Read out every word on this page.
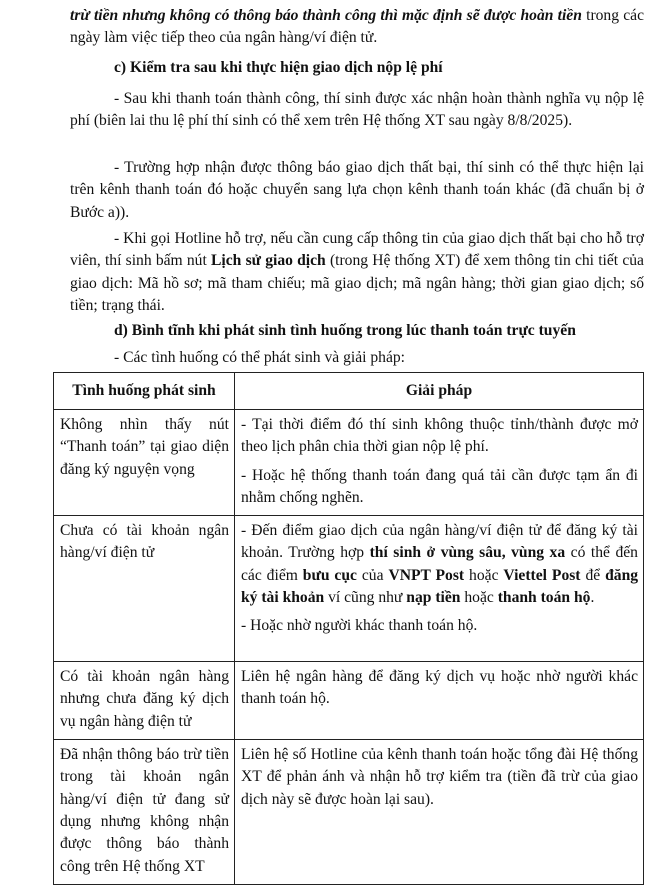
trừ tiền nhưng không có thông báo thành công thì mặc định sẽ được hoàn tiền trong các ngày làm việc tiếp theo của ngân hàng/ví điện tử.

c) Kiểm tra sau khi thực hiện giao dịch nộp lệ phí

- Sau khi thanh toán thành công, thí sinh được xác nhận hoàn thành nghĩa vụ nộp lệ phí (biên lai thu lệ phí thí sinh có thể xem trên Hệ thống XT sau ngày 8/8/2025).

- Trường hợp nhận được thông báo giao dịch thất bại, thí sinh có thể thực hiện lại trên kênh thanh toán đó hoặc chuyển sang lựa chọn kênh thanh toán khác (đã chuẩn bị ở Bước a)).

- Khi gọi Hotline hỗ trợ, nếu cần cung cấp thông tin của giao dịch thất bại cho hỗ trợ viên, thí sinh bấm nút Lịch sử giao dịch (trong Hệ thống XT) để xem thông tin chi tiết của giao dịch: Mã hồ sơ; mã tham chiếu; mã giao dịch; mã ngân hàng; thời gian giao dịch; số tiền; trạng thái.

d) Bình tĩnh khi phát sinh tình huống trong lúc thanh toán trực tuyến

- Các tình huống có thể phát sinh và giải pháp:

Tình huống phát sinh	Giải pháp
Không nhìn thấy nút “Thanh toán” tại giao diện đăng ký nguyện vọng	- Tại thời điểm đó thí sinh không thuộc tỉnh/thành được mở theo lịch phân chia thời gian nộp lệ phí.

- Hoặc hệ thống thanh toán đang quá tải cần được tạm ẩn đi nhằm chống nghẽn.

Chưa có tài khoản ngân hàng/ví điện tử	- Đến điểm giao dịch của ngân hàng/ví điện tử để đăng ký tài khoản. Trường hợp thí sinh ở vùng sâu, vùng xa có thể đến các điểm bưu cục của VNPT Post hoặc Viettel Post để đăng ký tài khoản ví cũng như nạp tiền hoặc thanh toán hộ.

- Hoặc nhờ người khác thanh toán hộ.

Có tài khoản ngân hàng nhưng chưa đăng ký dịch vụ ngân hàng điện tử	Liên hệ ngân hàng để đăng ký dịch vụ hoặc nhờ người khác thanh toán hộ.

Đã nhận thông báo trừ tiền trong tài khoản ngân hàng/ví điện tử đang sử dụng nhưng không nhận được thông báo thành công trên Hệ thống XT	Liên hệ số Hotline của kênh thanh toán hoặc tổng đài Hệ thống XT để phản ánh và nhận hỗ trợ kiểm tra (tiền đã trừ của giao dịch này sẽ được hoàn lại sau).
